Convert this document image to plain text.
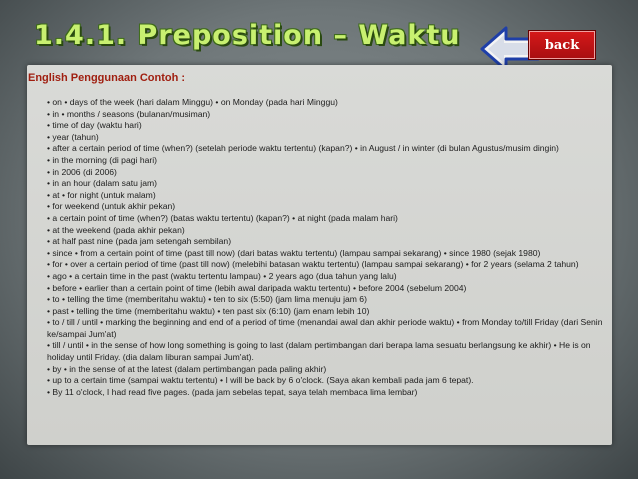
1.4.1. Preposition – Waktu	back
English Penggunaan Contoh :
• on • days of the week (hari dalam Minggu) • on Monday (pada hari Minggu)
• in • months / seasons (bulanan/musiman)
• time of day (waktu hari)
• year (tahun)
• after a certain period of time (when?) (setelah periode waktu tertentu) (kapan?) • in August / in winter (di bulan Agustus/musim dingin)
• in the morning (di pagi hari)
• in 2006 (di 2006)
• in an hour (dalam satu jam)
• at • for night (untuk malam)
• for weekend (untuk akhir pekan)
• a certain point of time (when?) (batas waktu tertentu) (kapan?) • at night (pada malam hari)
• at the weekend (pada akhir pekan)
• at half past nine (pada jam setengah sembilan)
• since • from a certain point of time (past till now) (dari batas waktu tertentu) (lampau sampai sekarang) • since 1980 (sejak 1980)
• for • over a certain period of time (past till now) (melebihi batasan waktu tertentu) (lampau sampai sekarang) • for 2 years (selama 2 tahun)
• ago • a certain time in the past (waktu tertentu lampau) • 2 years ago (dua tahun yang lalu)
• before • earlier than a certain point of time (lebih awal daripada waktu tertentu) • before 2004 (sebelum 2004)
• to • telling the time (memberitahu waktu) • ten to six (5:50) (jam lima menuju jam 6)
• past • telling the time (memberitahu waktu) • ten past six (6:10) (jam enam lebih 10)
• to / till / until • marking the beginning and end of a period of time (menandai awal dan akhir periode waktu) • from Monday to/till Friday (dari Senin ke/sampai Jum'at)
• till / until • in the sense of how long something is going to last (dalam pertimbangan dari berapa lama sesuatu berlangsung ke akhir) • He is on holiday until Friday. (dia dalam liburan sampai Jum'at).
• by • in the sense of at the latest (dalam pertimbangan pada paling akhir)
• up to a certain time (sampai waktu tertentu) • I will be back by 6 o'clock. (Saya akan kembali pada jam 6 tepat).
• By 11 o'clock, I had read five pages. (pada jam sebelas tepat, saya telah membaca lima lembar)
